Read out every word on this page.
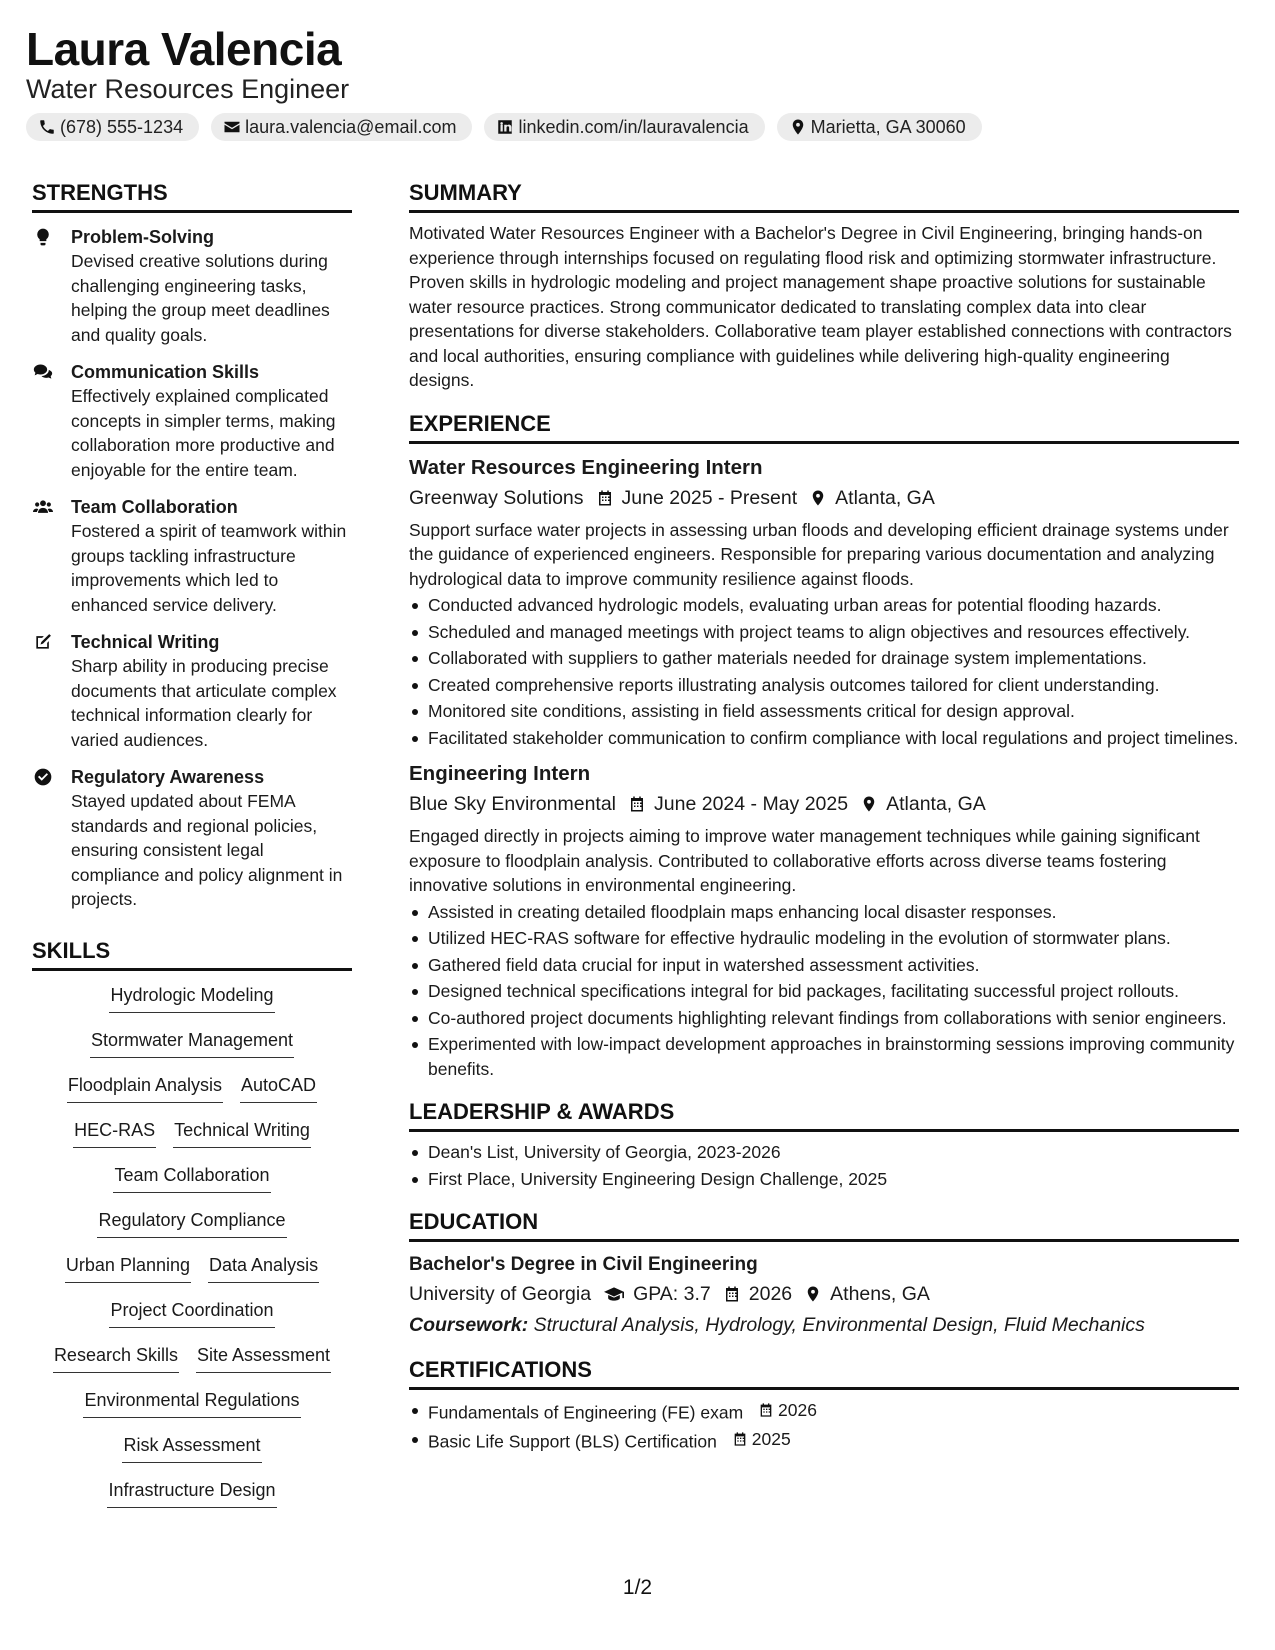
Laura Valencia
Water Resources Engineer
(678) 555-1234	laura.valencia@email.com	linkedin.com/in/lauravalencia	Marietta, GA 30060
STRENGTHS
Problem-Solving
Devised creative solutions during challenging engineering tasks, helping the group meet deadlines and quality goals.
Communication Skills
Effectively explained complicated concepts in simpler terms, making collaboration more productive and enjoyable for the entire team.
Team Collaboration
Fostered a spirit of teamwork within groups tackling infrastructure improvements which led to enhanced service delivery.
Technical Writing
Sharp ability in producing precise documents that articulate complex technical information clearly for varied audiences.
Regulatory Awareness
Stayed updated about FEMA standards and regional policies, ensuring consistent legal compliance and policy alignment in projects.
SKILLS
Hydrologic Modeling
Stormwater Management
Floodplain Analysis AutoCAD
HEC-RAS Technical Writing
Team Collaboration
Regulatory Compliance
Urban Planning Data Analysis
Project Coordination
Research Skills Site Assessment
Environmental Regulations
Risk Assessment
Infrastructure Design
SUMMARY
Motivated Water Resources Engineer with a Bachelor's Degree in Civil Engineering, bringing hands-on experience through internships focused on regulating flood risk and optimizing stormwater infrastructure. Proven skills in hydrologic modeling and project management shape proactive solutions for sustainable water resource practices. Strong communicator dedicated to translating complex data into clear presentations for diverse stakeholders. Collaborative team player established connections with contractors and local authorities, ensuring compliance with guidelines while delivering high-quality engineering designs.
EXPERIENCE
Water Resources Engineering Intern
Greenway Solutions June 2025 - Present Atlanta, GA
Support surface water projects in assessing urban floods and developing efficient drainage systems under the guidance of experienced engineers. Responsible for preparing various documentation and analyzing hydrological data to improve community resilience against floods.
Conducted advanced hydrologic models, evaluating urban areas for potential flooding hazards.
Scheduled and managed meetings with project teams to align objectives and resources effectively.
Collaborated with suppliers to gather materials needed for drainage system implementations.
Created comprehensive reports illustrating analysis outcomes tailored for client understanding.
Monitored site conditions, assisting in field assessments critical for design approval.
Facilitated stakeholder communication to confirm compliance with local regulations and project timelines.
Engineering Intern
Blue Sky Environmental June 2024 - May 2025 Atlanta, GA
Engaged directly in projects aiming to improve water management techniques while gaining significant exposure to floodplain analysis. Contributed to collaborative efforts across diverse teams fostering innovative solutions in environmental engineering.
Assisted in creating detailed floodplain maps enhancing local disaster responses.
Utilized HEC-RAS software for effective hydraulic modeling in the evolution of stormwater plans.
Gathered field data crucial for input in watershed assessment activities.
Designed technical specifications integral for bid packages, facilitating successful project rollouts.
Co-authored project documents highlighting relevant findings from collaborations with senior engineers.
Experimented with low-impact development approaches in brainstorming sessions improving community benefits.
LEADERSHIP & AWARDS
Dean's List, University of Georgia, 2023-2026
First Place, University Engineering Design Challenge, 2025
EDUCATION
Bachelor's Degree in Civil Engineering
University of Georgia GPA: 3.7 2026 Athens, GA
Coursework: Structural Analysis, Hydrology, Environmental Design, Fluid Mechanics
CERTIFICATIONS
Fundamentals of Engineering (FE) exam 2026
Basic Life Support (BLS) Certification 2025
1/2
